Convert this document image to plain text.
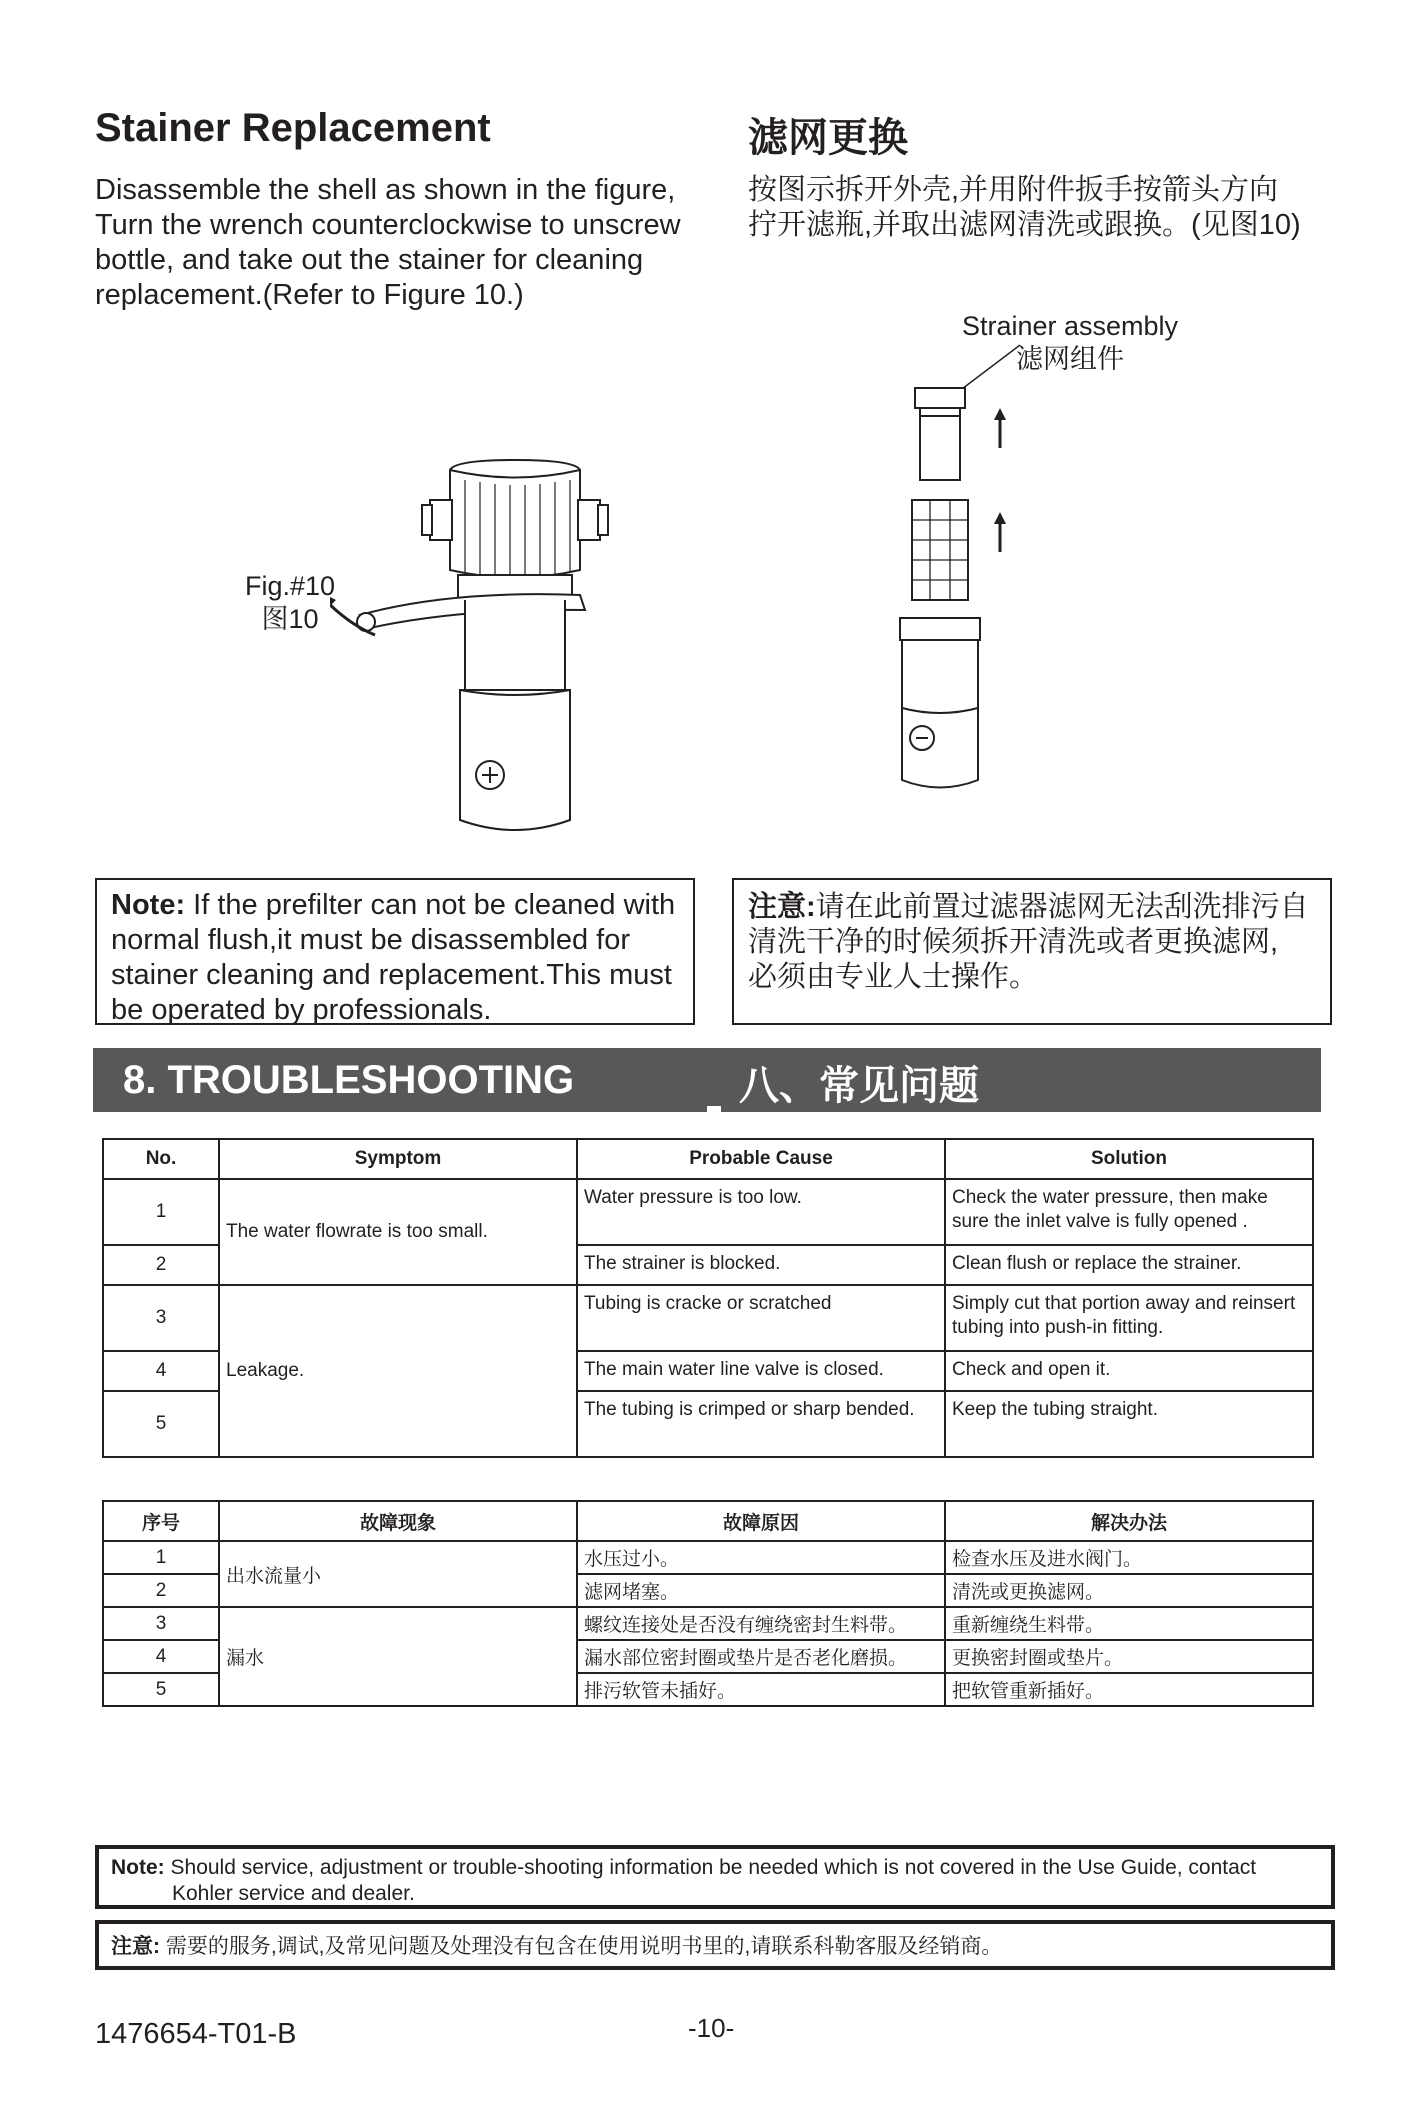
Stainer Replacement
Disassemble the shell as shown in the figure,
Turn the wrench counterclockwise to unscrew
bottle, and take out the stainer for cleaning
replacement.(Refer to Figure 10.)
滤网更换
按图示拆开外壳,并用附件扳手按箭头方向
拧开滤瓶,并取出滤网清洗或跟换。(见图10)
Fig.#10
图10
Strainer assembly
滤网组件
Note: If the prefilter can not be cleaned with
normal flush,it must be disassembled for
stainer cleaning and replacement.This must
be operated by professionals.
注意:请在此前置过滤器滤网无法刮洗排污自
清洗干净的时候须拆开清洗或者更换滤网,
必须由专业人士操作。
8. TROUBLESHOOTING	八、常见问题
No.	Symptom	Probable Cause	Solution
1	The water flowrate is too small.	Water pressure is too low.	Check the water pressure, then make sure the inlet valve is fully opened .
2		The strainer is blocked.	Clean flush or replace the strainer.
3	Leakage.	Tubing is cracke or scratched	Simply cut that portion away and reinsert tubing into push-in fitting.
4		The main water line valve is closed.	Check and open it.
5		The tubing is crimped or sharp bended.	Keep the tubing straight.
序号	故障现象	故障原因	解决办法
1	出水流量小	水压过小。	检查水压及进水阀门。
2		滤网堵塞。	清洗或更换滤网。
3	漏水	螺纹连接处是否没有缠绕密封生料带。	重新缠绕生料带。
4		漏水部位密封圈或垫片是否老化磨损。	更换密封圈或垫片。
5		排污软管未插好。	把软管重新插好。
Note: Should service, adjustment or trouble-shooting information be needed which is not covered in the Use Guide, contact
Kohler service and dealer.
注意: 需要的服务,调试,及常见问题及处理没有包含在使用说明书里的,请联系科勒客服及经销商。
1476654-T01-B	-10-
